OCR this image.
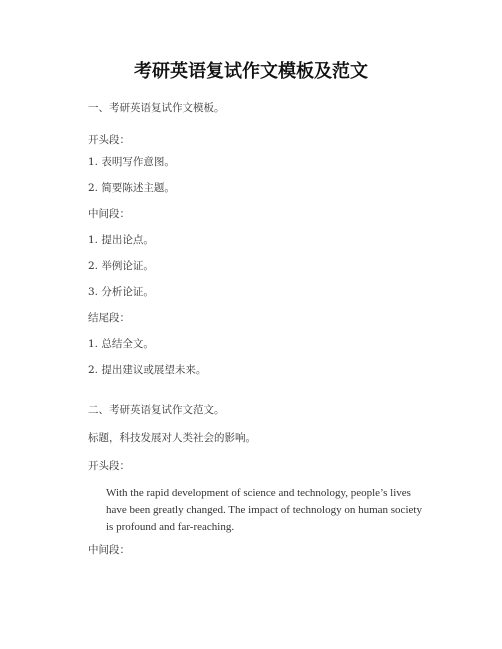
考研英语复试作文模板及范文
一、考研英语复试作文模板。
开头段：
1. 表明写作意图。
2. 简要陈述主题。
中间段：
1. 提出论点。
2. 举例论证。
3. 分析论证。
结尾段：
1. 总结全文。
2. 提出建议或展望未来。
二、考研英语复试作文范文。
标题，科技发展对人类社会的影响。
开头段：
With the rapid development of science and technology, people’s lives have been greatly changed. The impact of technology on human society is profound and far-reaching.
中间段：
